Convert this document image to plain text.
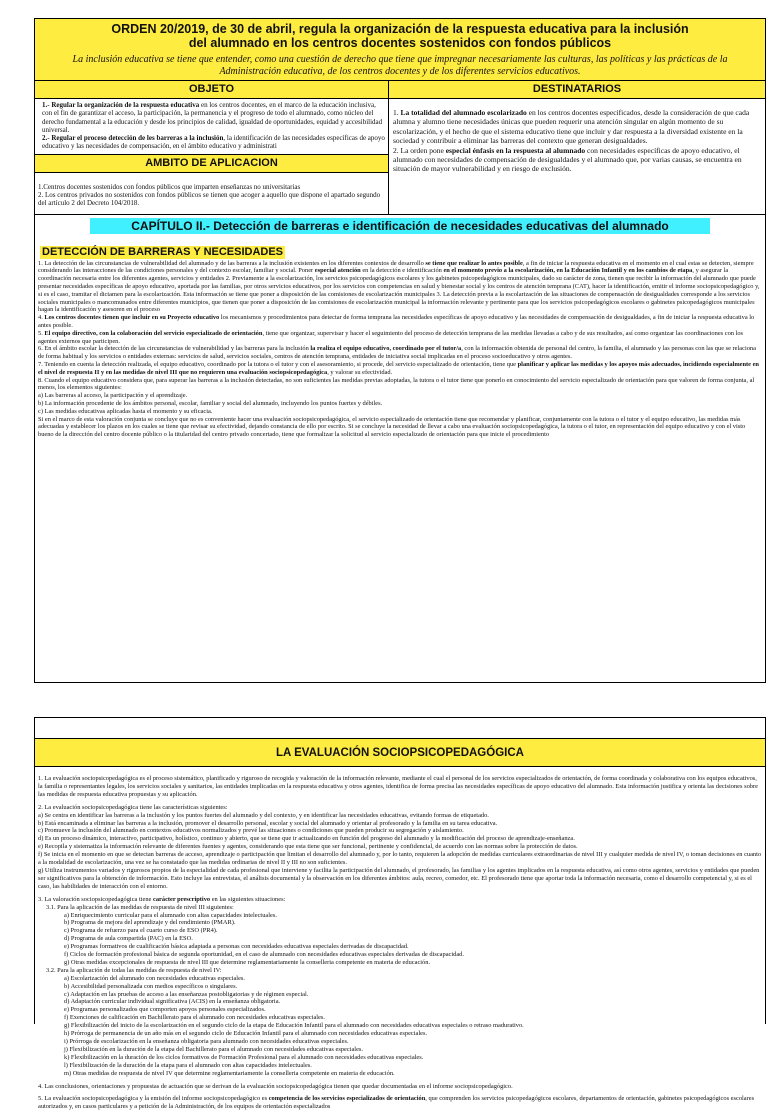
ORDEN 20/2019, de 30 de abril, regula la organización de la respuesta educativa para la inclusión
del alumnado en los centros docentes sostenidos con fondos públicos
La inclusión educativa se tiene que entender, como una cuestión de derecho que tiene que impregnar necesariamente las culturas, las políticas y las prácticas de la Administración educativa, de los centros docentes y de los diferentes servicios educativos.
OBJETO
1.- Regular la organización de la respuesta educativa en los centros docentes, en el marco de la educación inclusiva, con el fin de garantizar el acceso, la participación, la permanencia y el progreso de todo el alumnado, como núcleo del derecho fundamental a la educación y desde los principios de calidad, igualdad de oportunidades, equidad y accesibilidad universal.
2.- Regular el proceso detección de les barreras a la inclusión, la identificación de las necesidades específicas de apoyo educativo y las necesidades de compensación, en el ámbito educativo y administrati
AMBITO DE APLICACION
1.Centros docentes sostenidos con fondos públicos que imparten enseñanzas no universitarias
2. Los centros privados no sostenidos con fondos públicos se tienen que acoger a aquello que dispone el apartado segundo del artículo 2 del Decreto 104/2018.
DESTINATARIOS
1. La totalidad del alumnado escolarizado en los centros docentes especificados, desde la consideración de que cada alumna y alumno tiene necesidades únicas que pueden requerir una atención singular en algún momento de su escolarización, y el hecho de que el sistema educativo tiene que incluir y dar respuesta a la diversidad existente en la sociedad y contribuir a eliminar las barreras del contexto que generan desigualdades.
2. La orden pone especial énfasis en la respuesta al alumnado con necesidades específicas de apoyo educativo, el alumnado con necesidades de compensación de desigualdades y el alumnado que, por varias causas, se encuentra en situación de mayor vulnerabilidad y en riesgo de exclusión.
CAPÍTULO II.- Detección de barreras e identificación de necesidades educativas del alumnado
DETECCIÓN DE BARRERAS Y NECESIDADES

1. La detección de las circunstancias de vulnerabilidad del alumnado y de las barreras a la inclusión existentes en los diferentes contextos de desarrollo se tiene que realizar lo antes posible, a fin de iniciar la respuesta educativa en el momento en el cual estas se detecten, siempre considerando las interacciones de las condiciones personales y del contexto escolar, familiar y social. Poner especial atención en la detección e identificación en el momento previo a la escolarización, en la Educación Infantil y en los cambios de etapa, y asegurar la coordinación necesaria entre los diferentes agentes, servicios y entidades 2. Previamente a la escolarización, los servicios psicopedagógicos escolares y los gabinetes psicopedagógicos municipales, dado su carácter de zona, tienen que recibir la información del alumnado que puede presentar necesidades específicas de apoyo educativo, aportada por las familias, por otros servicios educativos, por los servicios con competencias en salud y bienestar social y los centros de atención temprana (CAT), hacer la identificación, emitir el informe sociopsicopedagógico y, si es el caso, tramitar el dictamen para la escolarización. Esta información se tiene que poner a disposición de las comisiones de escolarización municipales 3. La detección previa a la escolarización de las situaciones de compensación de desigualdades corresponde a los servicios sociales municipales o mancomunados entre diferentes municipios, que tienen que poner a disposición de las comisiones de escolarización municipal la información relevante y pertinente para que los servicios psicopedagógicos escolares o gabinetes psicopedagógicos municipales hagan la identificación y asesoren en el proceso

4. Los centros docentes tienen que incluir en su Proyecto educativo los mecanismos y procedimientos para detectar de forma temprana las necesidades específicas de apoyo educativo y las necesidades de compensación de desigualdades, a fin de iniciar la respuesta educativa lo antes posible.

5. El equipo directivo, con la colaboración del servicio especializado de orientación, tiene que organizar, supervisar y hacer el seguimiento del proceso de detección temprana de las medidas llevadas a cabo y de sus resultados, así como organizar las coordinaciones con los agentes externos que participen.

6. En el ámbito escolar la detección de las circunstancias de vulnerabilidad y las barreras para la inclusión la realiza el equipo educativo, coordinado por el tutor/a, con la información obtenida de personal del centro, la familia, el alumnado y las personas con las que se relaciona de forma habitual y los servicios o entidades externas: servicios de salud, servicios sociales, centros de atención temprana, entidades de iniciativa social implicadas en el proceso socioeducativo y otros agentes.

7. Teniendo en cuenta la detección realizada, el equipo educativo, coordinado por la tutora o el tutor y con el asesoramiento, si procede, del servicio especializado de orientación, tiene que planificar y aplicar las medidas y los apoyos más adecuados, incidiendo especialmente en el nivel de respuesta II y en las medidas de nivel III que no requieren una evaluación sociopsicopedagógica, y valorar su efectividad.

8. Cuando el equipo educativo considera que, para superar las barreras a la inclusión detectadas, no son suficientes las medidas previas adoptadas, la tutora o el tutor tiene que ponerlo en conocimiento del servicio especializado de orientación para que valoren de forma conjunta, al menos, los elementos siguientes:

a) Las barreras al acceso, la participación y el aprendizaje.

b) La información procedente de los ámbitos personal, escolar, familiar y social del alumnado, incluyendo los puntos fuertes y débiles.

c) Las medidas educativas aplicadas hasta el momento y su eficacia.

Si en el marco de esta valoración conjunta se concluye que no es conveniente hacer una evaluación sociopsicopedagógica, el servicio especializado de orientación tiene que recomendar y planificar, conjuntamente con la tutora o el tutor y el equipo educativo, las medidas más adecuadas y establecer los plazos en los cuales se tiene que revisar su efectividad, dejando constancia de ello por escrito. Si se concluye la necesidad de llevar a cabo una evaluación sociopsicopedagógica, la tutora o el tutor, en representación del equipo educativo y con el visto bueno de la dirección del centro docente público o la titularidad del centro privado concertado, tiene que formalizar la solicitud al servicio especializado de orientación para que inicie el procedimiento

LA EVALUACIÓN SOCIOPSICOPEDAGÓGICA

1. La evaluación sociopsicopedagógica es el proceso sistemático, planificado y riguroso de recogida y valoración de la información relevante, mediante el cual el personal de los servicios especializados de orientación, de forma coordinada y colaborativa con los equipos educativos, la familia o representantes legales, los servicios sociales y sanitarios, las entidades implicadas en la respuesta educativa y otros agentes, identifica de forma precisa las necesidades específicas de apoyo educativo del alumnado. Esta información justifica y orienta las decisiones sobre las medidas de respuesta educativa propuestas y su aplicación.

2. La evaluación sociopsicopedagógica tiene las características siguientes:

a) Se centra en identificar las barreras a la inclusión y los puntos fuertes del alumnado y del contexto, y en identificar las necesidades educativas, evitando formas de etiquetado.

b) Está encaminada a eliminar las barreras a la inclusión, promover el desarrollo personal, escolar y social del alumnado y orientar al profesorado y la familia en su tarea educativa.

c) Promueve la inclusión del alumnado en contextos educativos normalizados y prevé las situaciones o condiciones que pueden producir su segregación y aislamiento.

d) Es un proceso dinámico, interactivo, participativo, holístico, continuo y abierto, que se tiene que ir actualizando en función del progreso del alumnado y la modificación del proceso de aprendizaje-enseñanza.

e) Recopila y sistematiza la información relevante de diferentes fuentes y agentes, considerando que esta tiene que ser funcional, pertinente y confidencial, de acuerdo con las normas sobre la protección de datos.

f) Se inicia en el momento en que se detectan barreras de acceso, aprendizaje o participación que limitan el desarrollo del alumnado y, por lo tanto, requieren la adopción de medidas curriculares extraordinarias de nivel III y cualquier medida de nivel IV, o toman decisiones en cuanto a la modalidad de escolarización, una vez se ha constatado que las medidas ordinarias de nivel II y III no son suficientes.

g) Utiliza instrumentos variados y rigurosos propios de la especialidad de cada profesional que interviene y facilita la participación del alumnado, el profesorado, las familias y los agentes implicados en la respuesta educativa, así como otros agentes, servicios y entidades que pueden ser significativos para la obtención de información. Esto incluye las entrevistas, el análisis documental y la observación en los diferentes ámbitos: aula, recreo, comedor, etc. El profesorado tiene que aportar toda la información necesaria, como el desarrollo competencial y, si es el caso, las habilidades de interacción con el entorno.

3. La valoración sociopsicopedagógica tiene carácter prescriptivo en las siguientes situaciones:

3.1. Para la aplicación de las medidas de respuesta de nivel III siguientes:

a) Enriquecimiento curricular para el alumnado con altas capacidades intelectuales.

b) Programa de mejora del aprendizaje y del rendimiento (PMAR).

c) Programa de refuerzo para el cuarto curso de ESO (PR4).

d) Programa de aula compartida (PAC) en la ESO.

e) Programas formativos de cualificación básica adaptada a personas con necesidades educativas especiales derivadas de discapacidad.

f) Ciclos de formación profesional básica de segunda oportunidad, en el caso de alumnado con necesidades educativas especiales derivadas de discapacidad.

g) Otras medidas excepcionales de respuesta de nivel III que determine reglamentariamente la conselleria competente en materia de educación.

3.2. Para la aplicación de todas las medidas de respuesta de nivel IV:

a) Escolarización del alumnado con necesidades educativas especiales.

b) Accesibilidad personalizada con medios específicos o singulares.

c) Adaptación en las pruebas de acceso a las enseñanzas postobligatorias y de régimen especial.

d) Adaptación curricular individual significativa (ACIS) en la enseñanza obligatoria.

e) Programas personalizados que comporten apoyos personales especializados.

f) Exenciones de calificación en Bachillerato para el alumnado con necesidades educativas especiales.

g) Flexibilización del inicio de la escolarización en el segundo ciclo de la etapa de Educación Infantil para el alumnado con necesidades educativas especiales o retraso madurativo.

h) Prórroga de permanencia de un año más en el segundo ciclo de Educación Infantil para el alumnado con necesidades educativas especiales.

i) Prórroga de escolarización en la enseñanza obligatoria para alumnado con necesidades educativas especiales.

j) Flexibilización en la duración de la etapa del Bachillerato para el alumnado con necesidades educativas especiales.

k) Flexibilización en la duración de los ciclos formativos de Formación Profesional para el alumnado con necesidades educativas especiales.

l) Flexibilización de la duración de la etapa para el alumnado con altas capacidades intelectuales.

m) Otras medidas de respuesta de nivel IV que determine reglamentariamente la conselleria competente en materia de educación.

4. Las conclusiones, orientaciones y propuestas de actuación que se derivan de la evaluación sociopsicopedagógica tienen que quedar documentadas en el informe sociopsicopedagógico.

5. La evaluación sociopsicopedagógica y la emisión del informe sociopsicopedagógico es competencia de los servicios especializados de orientación, que comprenden los servicios psicopedagógicos escolares, departamentos de orientación, gabinetes psicopedagógicos escolares autorizados y, en casos particulares y a petición de la Administración, de los equipos de orientación especializados
